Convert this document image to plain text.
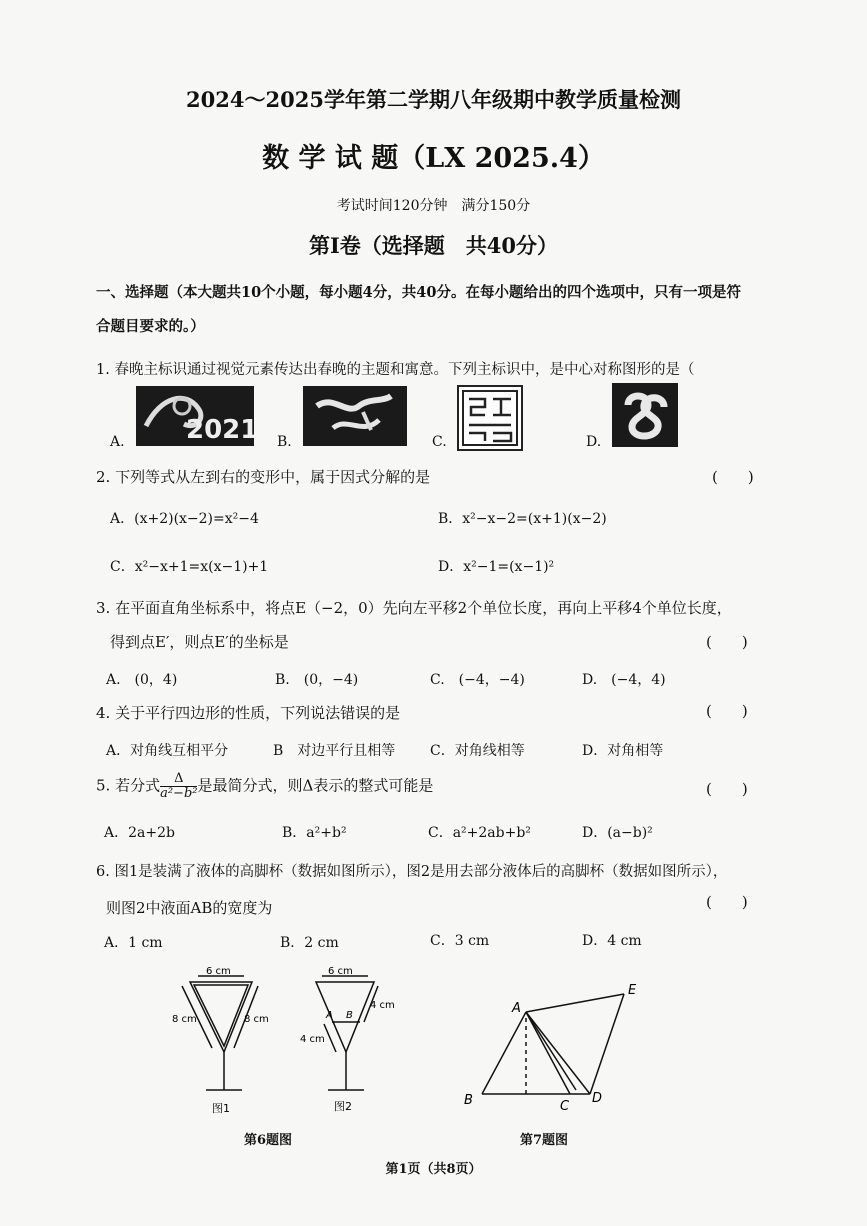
2024～2025学年第二学期八年级期中教学质量检测
数 学 试 题（LX 2025.4）
考试时间120分钟　满分150分
第I卷（选择题　共40分）
一、选择题（本大题共10个小题，每小题4分，共40分。在每小题给出的四个选项中，只有一项是符
合题目要求的。）
1. 春晚主标识通过视觉元素传达出春晚的主题和寓意。下列主标识中，是中心对称图形的是（
A. 2021 B.	C.	D.
2. 下列等式从左到右的变形中，属于因式分解的是	(　　)
A．(x+2)(x−2)=x²−4	B．x²−x−2=(x+1)(x−2)
C．x²−x+1=x(x−1)+1	D．x²−1=(x−1)²
3. 在平面直角坐标系中，将点E（−2，0）先向左平移2个单位长度，再向上平移4个单位长度，
得到点E′，则点E′的坐标是	(　　)
A.　(0，4)	B.　(0，−4)	C.　(−4，−4)	D.　(−4，4)
4. 关于平行四边形的性质，下列说法错误的是	(　　)
A．对角线互相平分	B　对边平行且相等 C．对角线相等	D．对角相等
5. 若分式 $\frac{\Delta}{\text{a²−b²}}$ 是最简分式，则Δ表示的整式可能是	(　　)
A．2a+2b	B．a²+b²	C．a²+2ab+b²	D．(a−b)²
6. 图1是装满了液体的高脚杯（数据如图所示），图2是用去部分液体后的高脚杯（数据如图所示），
则图2中液面AB的宽度为	(　　)
A．1 cm	B．2 cm	C．3 cm	D．4 cm
6 cm
8 cm	8 cm
图1
6 cm
4 cm
4 cm
A B
图2
第6题图
A
B	C
D
E
第7题图
第1页（共8页）
